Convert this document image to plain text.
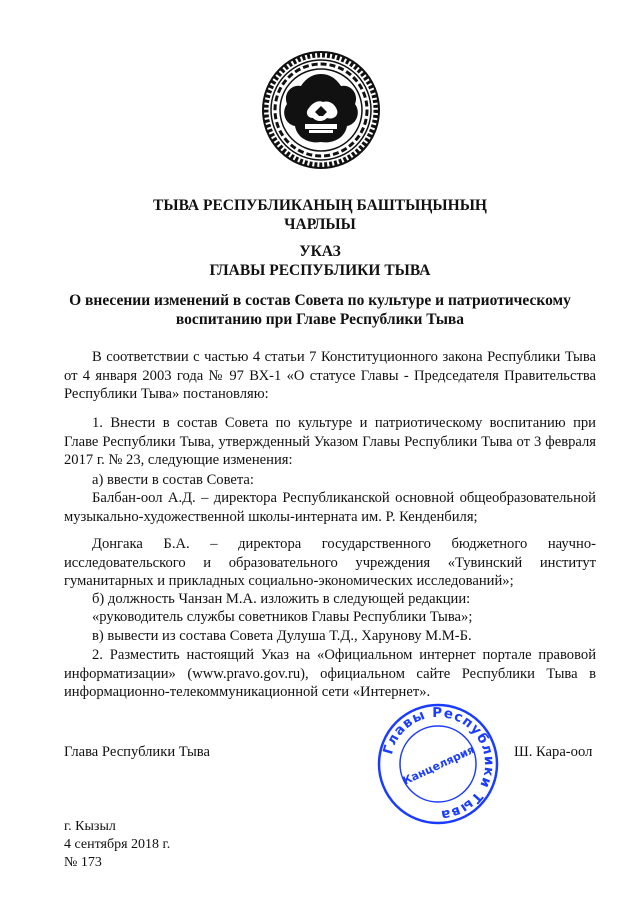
ТЫВА РЕСПУБЛИКАНЫҢ БАШТЫҢЫНЫҢ
ЧАРЛЫЫ
УКАЗ
ГЛАВЫ РЕСПУБЛИКИ ТЫВА
О внесении изменений в состав Совета по культуре и патриотическому
воспитанию при Главе Республики Тыва

В соответствии с частью 4 статьи 7 Конституционного закона Республики Тыва от 4 января 2003 года № 97 ВХ-1 «О статусе Главы - Председателя Правительства Республики Тыва» постановляю:

1. Внести в состав Совета по культуре и патриотическому воспитанию при Главе Республики Тыва, утвержденный Указом Главы Республики Тыва от 3 февраля 2017 г. № 23, следующие изменения:

а) ввести в состав Совета:

Балбан-оол А.Д. – директора Республиканской основной общеобразовательной музыкально-художественной школы-интерната им. Р. Кенденбиля;

Донгака Б.А. – директора государственного бюджетного научно-исследовательского и образовательного учреждения «Тувинский институт гуманитарных и прикладных социально-экономических исследований»;

б) должность Чанзан М.А. изложить в следующей редакции:

«руководитель службы советников Главы Республики Тыва»;

в) вывести из состава Совета Дулуша Т.Д., Харунову М.М-Б.

2. Разместить настоящий Указ на «Официальном интернет портале правовой информатизации» (www.pravo.gov.ru), официальном сайте Республики Тыва в информационно-телекоммуникационной сети «Интернет».

Глава Республики Тыва	Главы Республики Тыва
Канцелярия	Ш. Кара-оол
г. Кызыл
4 сентября 2018 г.
№ 173
